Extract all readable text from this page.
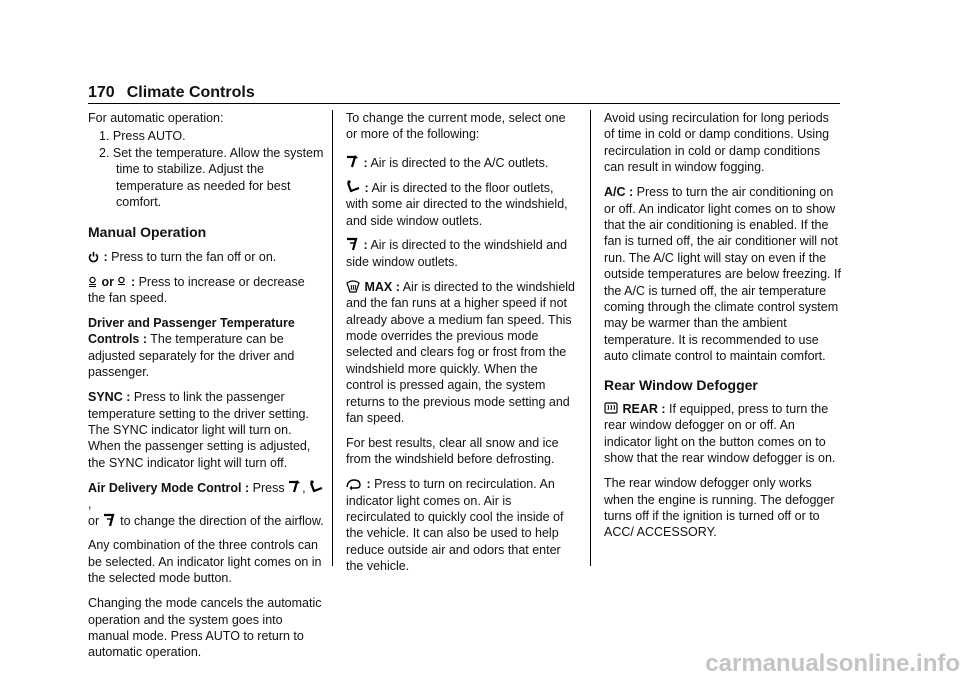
170 Climate Controls

For automatic operation:

1. Press AUTO.
2. Set the temperature. Allow the system time to stabilize. Adjust the temperature as needed for best comfort.
Manual Operation

: Press to turn the fan off or on.

or
: Press to increase or decrease the fan speed.

Driver and Passenger Temperature Controls : The temperature can be adjusted separately for the driver and passenger.

SYNC : Press to link the passenger temperature setting to the driver setting. The SYNC indicator light will turn on. When the passenger setting is adjusted, the SYNC indicator light will turn off.

Air Delivery Mode Control : Press ,
,
or to change the direction of the airflow.

Any combination of the three controls can be selected. An indicator light comes on in the selected mode button.

Changing the mode cancels the automatic operation and the system goes into manual mode. Press AUTO to return to automatic operation.

To change the current mode, select one or more of the following:

: Air is directed to the A/C outlets.

: Air is directed to the floor outlets, with some air directed to the windshield, and side window outlets.

: Air is directed to the windshield and side window outlets.

MAX : Air is directed to the windshield and the fan runs at a higher speed if not already above a medium fan speed. This mode overrides the previous mode selected and clears fog or frost from the windshield more quickly. When the control is pressed again, the system returns to the previous mode setting and fan speed.

For best results, clear all snow and ice from the windshield before defrosting.

: Press to turn on recirculation. An indicator light comes on. Air is recirculated to quickly cool the inside of the vehicle. It can also be used to help reduce outside air and odors that enter the vehicle.

Avoid using recirculation for long periods of time in cold or damp conditions. Using recirculation in cold or damp conditions can result in window fogging.

A/C : Press to turn the air conditioning on or off. An indicator light comes on to show that the air conditioning is enabled. If the fan is turned off, the air conditioner will not run. The A/C light will stay on even if the outside temperatures are below freezing. If the A/C is turned off, the air temperature coming through the climate control system may be warmer than the ambient temperature. It is recommended to use auto climate control to maintain comfort.

Rear Window Defogger

REAR : If equipped, press to turn the rear window defogger on or off. An indicator light on the button comes on to show that the rear window defogger is on.

The rear window defogger only works when the engine is running. The defogger turns off if the ignition is turned off or to ACC/ ACCESSORY.

carmanualsonline.info
